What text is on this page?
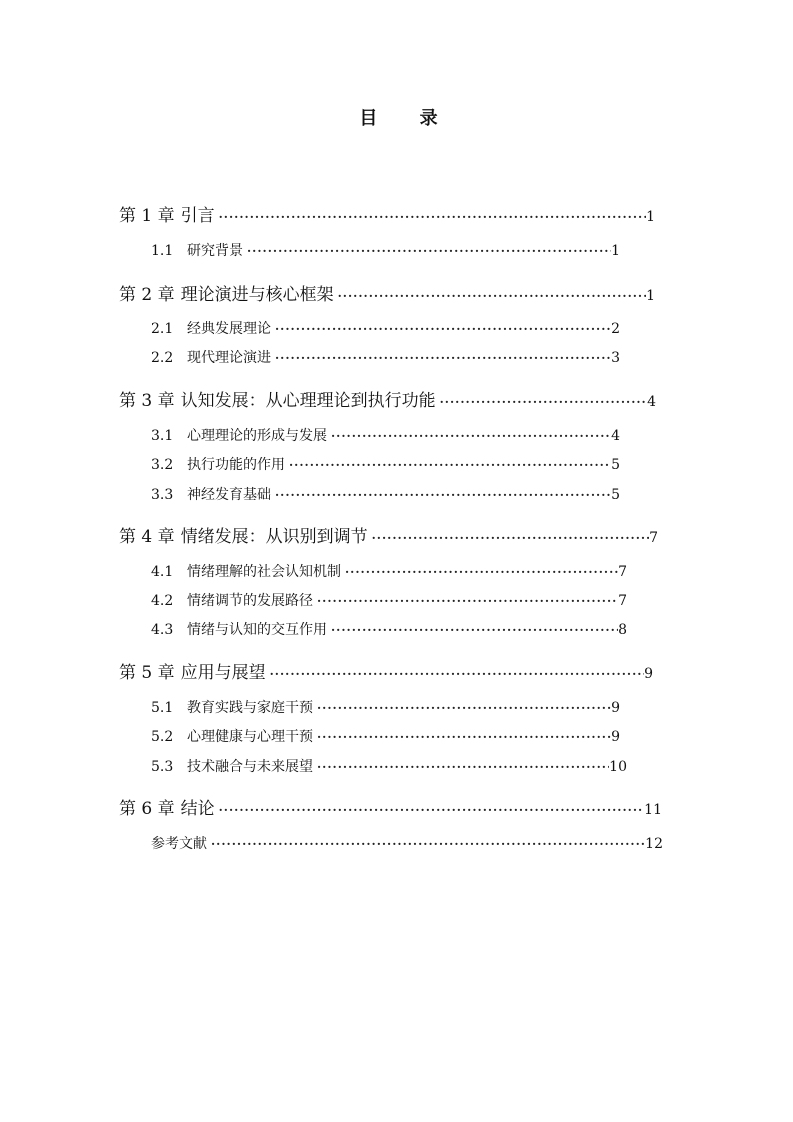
目 录
第 1 章 引言 ·····	1
1.1 研究背景 ·····	1
第 2 章 理论演进与核心框架 ·····	1
2.1 经典发展理论 ·····	2
2.2 现代理论演进 ·····	3
第 3 章 认知发展：从心理理论到执行功能 ·····	4
3.1 心理理论的形成与发展 ·····	4
3.2 执行功能的作用 ·····	5
3.3 神经发育基础 ·····	5
第 4 章 情绪发展：从识别到调节 ·····	7
4.1 情绪理解的社会认知机制 ·····	7
4.2 情绪调节的发展路径 ·····	7
4.3 情绪与认知的交互作用 ·····	8
第 5 章 应用与展望 ·····	9
5.1 教育实践与家庭干预 ·····	9
5.2 心理健康与心理干预 ·····	9
5.3 技术融合与未来展望 ·····	10
第 6 章 结论 ·····	11
参考文献 ·····	12
